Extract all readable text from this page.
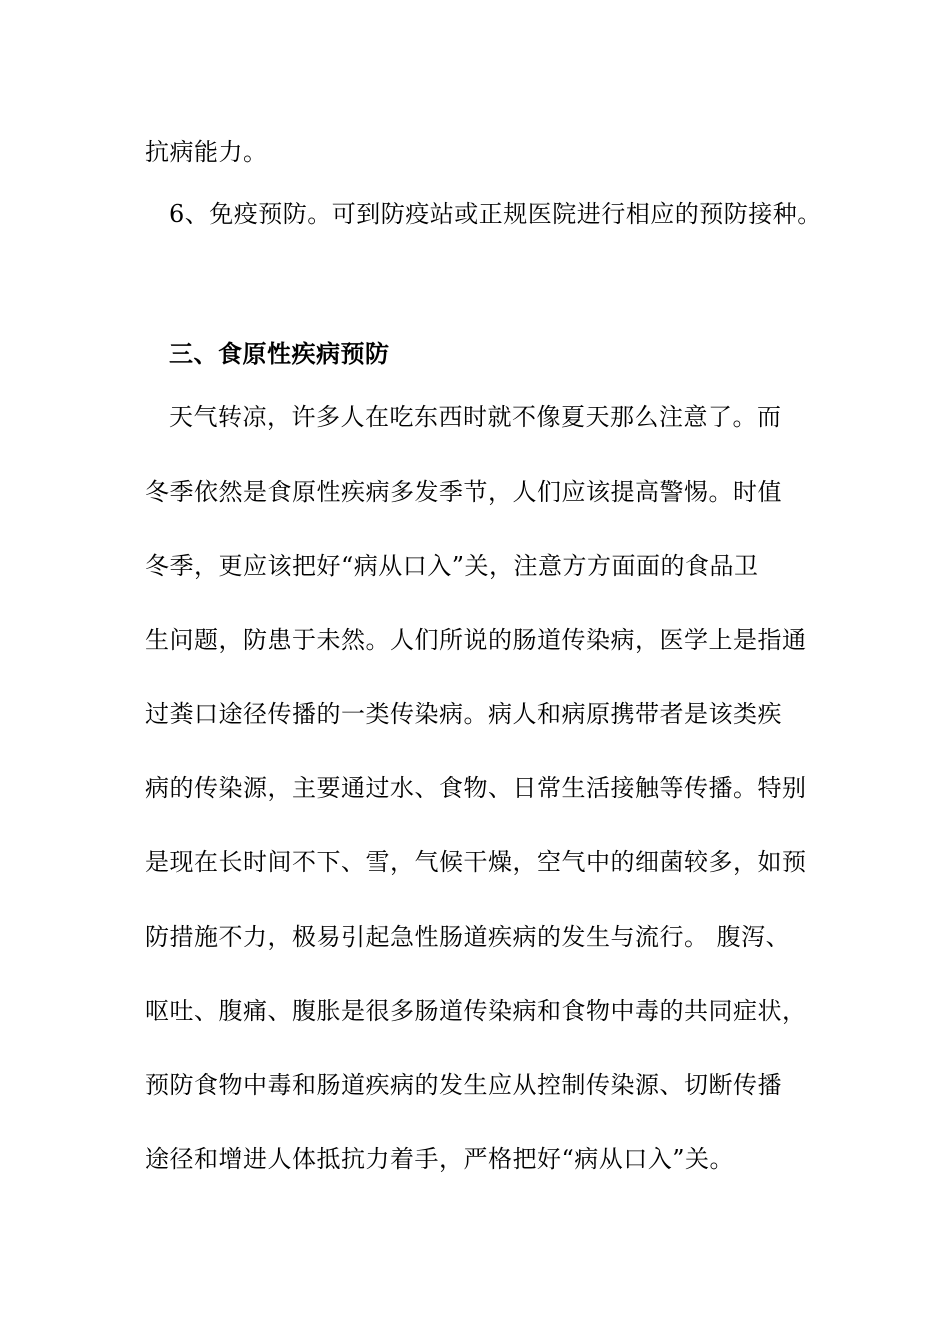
抗病能力。
6、免疫预防。可到防疫站或正规医院进行相应的预防接种。
三、食原性疾病预防
天气转凉，许多人在吃东西时就不像夏天那么注意了。而
冬季依然是食原性疾病多发季节，人们应该提高警惕。时值
冬季，更应该把好“病从口入”关，注意方方面面的食品卫
生问题，防患于未然。人们所说的肠道传染病，医学上是指通
过粪口途径传播的一类传染病。病人和病原携带者是该类疾
病的传染源，主要通过水、食物、日常生活接触等传播。特别
是现在长时间不下、雪，气候干燥，空气中的细菌较多，如预
防措施不力，极易引起急性肠道疾病的发生与流行。 腹泻、
呕吐、腹痛、腹胀是很多肠道传染病和食物中毒的共同症状，
预防食物中毒和肠道疾病的发生应从控制传染源、切断传播
途径和增进人体抵抗力着手，严格把好“病从口入”关。
